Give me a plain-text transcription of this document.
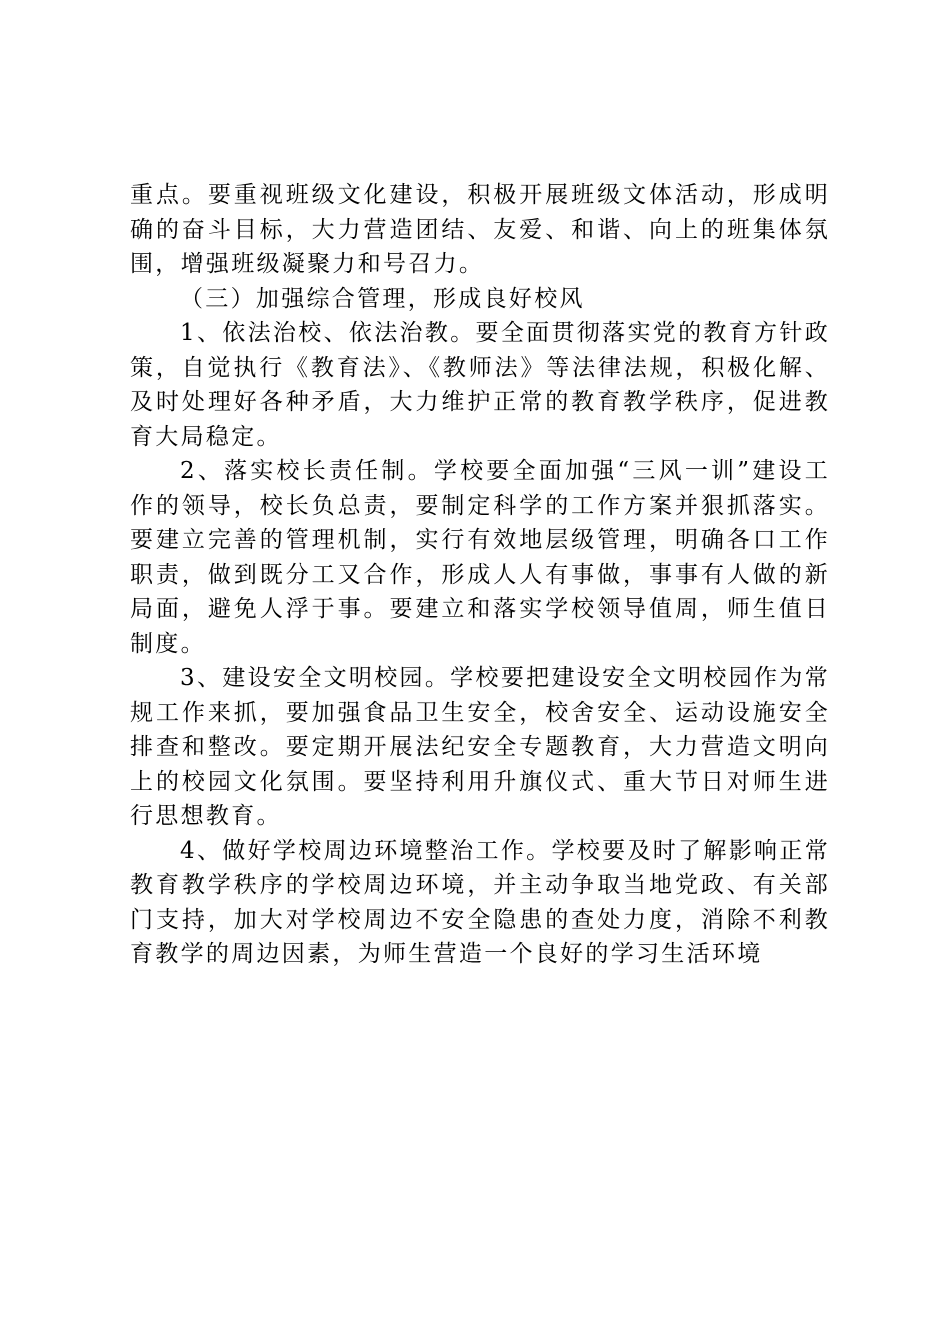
重点。要重视班级文化建设，积极开展班级文体活动，形成明确的奋斗目标，大力营造团结、友爱、和谐、向上的班集体氛围，增强班级凝聚力和号召力。

（三）加强综合管理，形成良好校风

1、依法治校、依法治教。要全面贯彻落实党的教育方针政策，自觉执行《教育法》、《教师法》等法律法规，积极化解、及时处理好各种矛盾，大力维护正常的教育教学秩序，促进教育大局稳定。

2、落实校长责任制。学校要全面加强“三风一训”建设工作的领导，校长负总责，要制定科学的工作方案并狠抓落实。要建立完善的管理机制，实行有效地层级管理，明确各口工作职责，做到既分工又合作，形成人人有事做，事事有人做的新局面，避免人浮于事。要建立和落实学校领导值周，师生值日制度。

3、建设安全文明校园。学校要把建设安全文明校园作为常规工作来抓，要加强食品卫生安全，校舍安全、运动设施安全排查和整改。要定期开展法纪安全专题教育，大力营造文明向上的校园文化氛围。要坚持利用升旗仪式、重大节日对师生进行思想教育。

4、做好学校周边环境整治工作。学校要及时了解影响正常教育教学秩序的学校周边环境，并主动争取当地党政、有关部门支持，加大对学校周边不安全隐患的查处力度，消除不利教育教学的周边因素，为师生营造一个良好的学习生活环境
